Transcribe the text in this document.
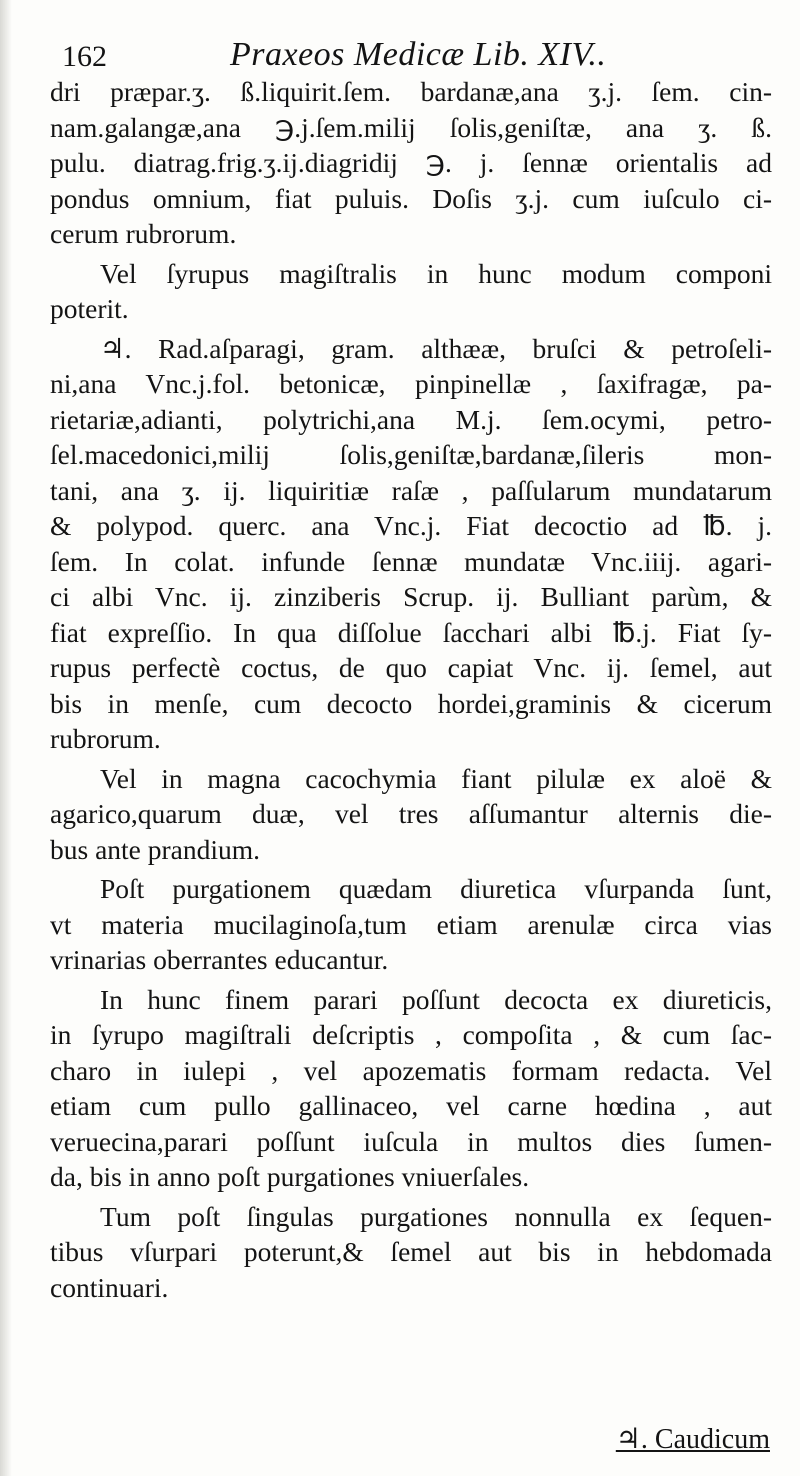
162	Praxeos Medicæ Lib. XIV..
dri præpar.ʒ. ß.liquirit.ſem. bardanæ,ana ʒ.j. ſem. cin-
nam.galangæ,ana ℈.j.ſem.milij ſolis,geniſtæ, ana ʒ. ß.
pulu. diatrag.frig.ʒ.ij.diagridij ℈. j. ſennæ orientalis ad
pondus omnium, fiat puluis. Doſis ʒ.j. cum iuſculo ci-
cerum rubrorum.
Vel ſyrupus magiſtralis in hunc modum componi
poterit.
♃. Rad.aſparagi, gram. althææ, bruſci & petroſeli-
ni,ana Vnc.j.fol. betonicæ, pinpinellæ , ſaxifragæ, pa-
rietariæ,adianti, polytrichi,ana M.j. ſem.ocymi, petro-
ſel.macedonici,milij ſolis,geniſtæ,bardanæ,ſileris mon-
tani, ana ʒ. ij. liquiritiæ raſæ , paſſularum mundatarum
& polypod. querc. ana Vnc.j. Fiat decoctio ad ℔. j.
ſem. In colat. infunde ſennæ mundatæ Vnc.iiij. agari-
ci albi Vnc. ij. zinziberis Scrup. ij. Bulliant parùm, &
fiat expreſſio. In qua diſſolue ſacchari albi ℔.j. Fiat ſy-
rupus perfectè coctus, de quo capiat Vnc. ij. ſemel, aut
bis in menſe, cum decocto hordei,graminis & cicerum
rubrorum.
Vel in magna cacochymia fiant pilulæ ex aloë &
agarico,quarum duæ, vel tres aſſumantur alternis die-
bus ante prandium.
Poſt purgationem quædam diuretica vſurpanda ſunt,
vt materia mucilaginoſa,tum etiam arenulæ circa vias
vrinarias oberrantes educantur.
In hunc finem parari poſſunt decocta ex diureticis,
in ſyrupo magiſtrali deſcriptis , compoſita , & cum ſac-
charo in iulepi , vel apozematis formam redacta. Vel
etiam cum pullo gallinaceo, vel carne hœdina , aut
veruecina,parari poſſunt iuſcula in multos dies ſumen-
da, bis in anno poſt purgationes vniuerſales.
Tum poſt ſingulas purgationes nonnulla ex ſequen-
tibus vſurpari poterunt,& ſemel aut bis in hebdomada
continuari.
♃. Caudicum
